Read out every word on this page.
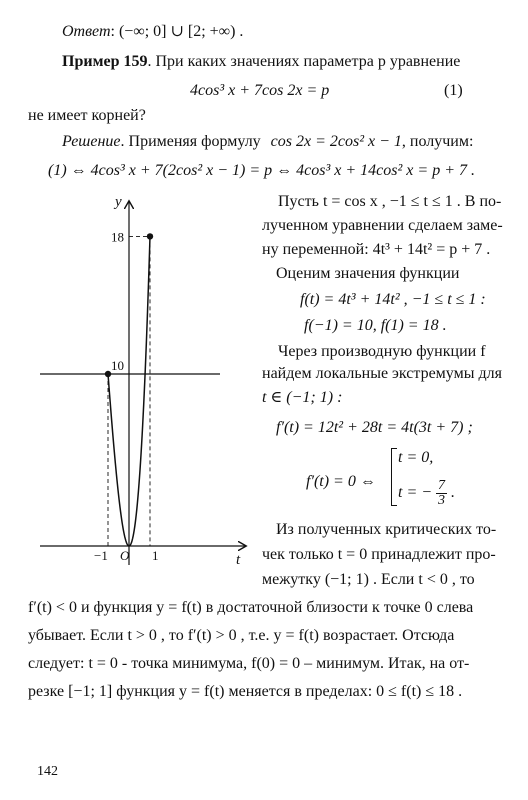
Ответ: (−∞; 0] ∪ [2; +∞) .
Пример 159. При каких значениях параметра p уравнение
4cos³ x + 7cos 2x = p	(1)
не имеет корней?
Решение. Применяя формулу cos 2x = 2cos² x − 1, получим:
(1) ⇔ 4cos³ x + 7(2cos² x − 1) = p ⇔ 4cos³ x + 14cos² x = p + 7 .
Пусть t = cos x , −1 ≤ t ≤ 1 . В по-
лученном уравнении сделаем заме-
ну переменной: 4t³ + 14t² = p + 7 .
Оценим значения функции
f(t) = 4t³ + 14t² , −1 ≤ t ≤ 1 :
f(−1) = 10, f(1) = 18 .
Через производную функции f
найдем локальные экстремумы для
t ∈ (−1; 1) :
f′(t) = 12t² + 28t = 4t(3t + 7) ;
f′(t) = 0 ⇔
t = 0,
t = − $\frac{7}{3}$ .
Из полученных критических то-
чек только t = 0 принадлежит про-
межутку (−1; 1) . Если t < 0 , то
f′(t) < 0 и функция y = f(t) в достаточной близости к точке 0 слева
убывает. Если t > 0 , то f′(t) > 0 , т.е. y = f(t) возрастает. Отсюда
следует: t = 0 - точка минимума, f(0) = 0 – минимум. Итак, на от-
резке [−1; 1] функция y = f(t) меняется в пределах: 0 ≤ f(t) ≤ 18 .
142
y
t
18
10
−1 O 1
